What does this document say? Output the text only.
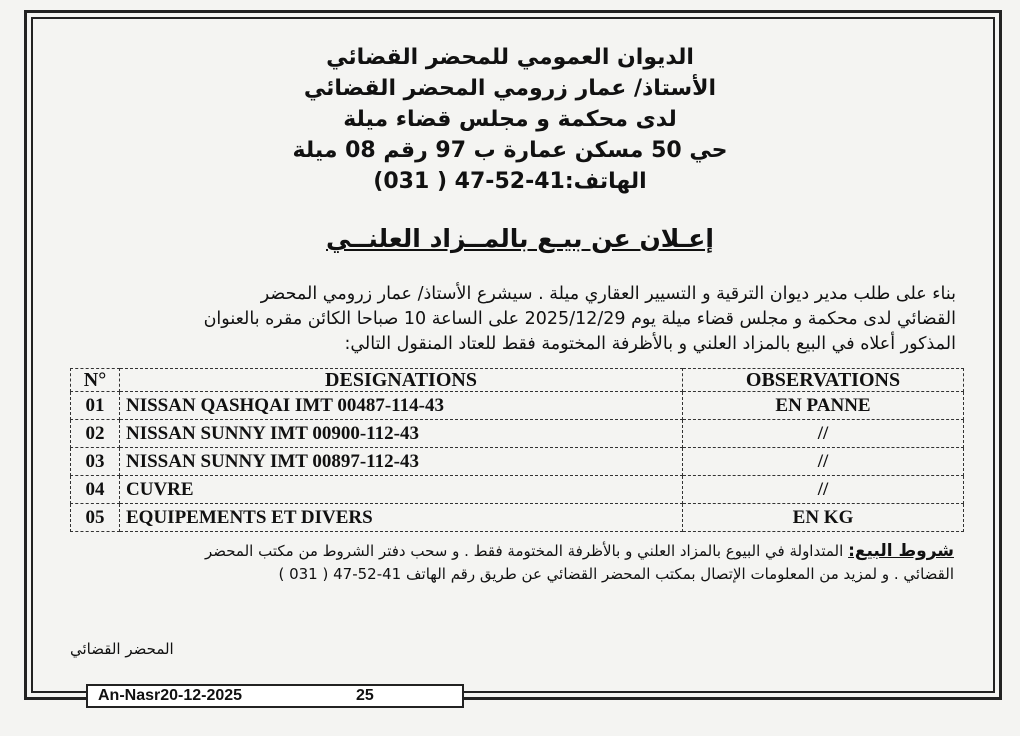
الديوان العمومي للمحضر القضائي
الأستاذ/ عمار زرومي المحضر القضائي
لدى محكمة و مجلس قضاء ميلة
حي 50 مسكن عمارة ب 97 رقم 08 ميلة
الهاتف:41-52-47 ( 031)
إعـلان عن بيـع بالمــزاد العلنــي

بناء على طلب مدير ديوان الترقية و التسيير العقاري ميلة . سيشرع الأستاذ/ عمار زرومي المحضر

القضائي لدى محكمة و مجلس قضاء ميلة يوم 2025/12/29 على الساعة 10 صباحا الكائن مقره بالعنوان

المذكور أعلاه في البيع بالمزاد العلني و بالأظرفة المختومة فقط للعتاد المنقول التالي:

N°	DESIGNATIONS	OBSERVATIONS
01	NISSAN QASHQAI IMT 00487-114-43	EN PANNE
02	NISSAN SUNNY IMT 00900-112-43	//
03	NISSAN SUNNY IMT 00897-112-43	//
04	CUVRE	//
05	EQUIPEMENTS ET DIVERS	EN KG

شروط البيع: المتداولة في البيوع بالمزاد العلني و بالأظرفة المختومة فقط . و سحب دفتر الشروط من مكتب المحضر

القضائي . و لمزيد من المعلومات الإتصال بمكتب المحضر القضائي عن طريق رقم الهاتف 41-52-47 ( 031 )

المحضر القضائي
An-Nasr20-12-2025	25
